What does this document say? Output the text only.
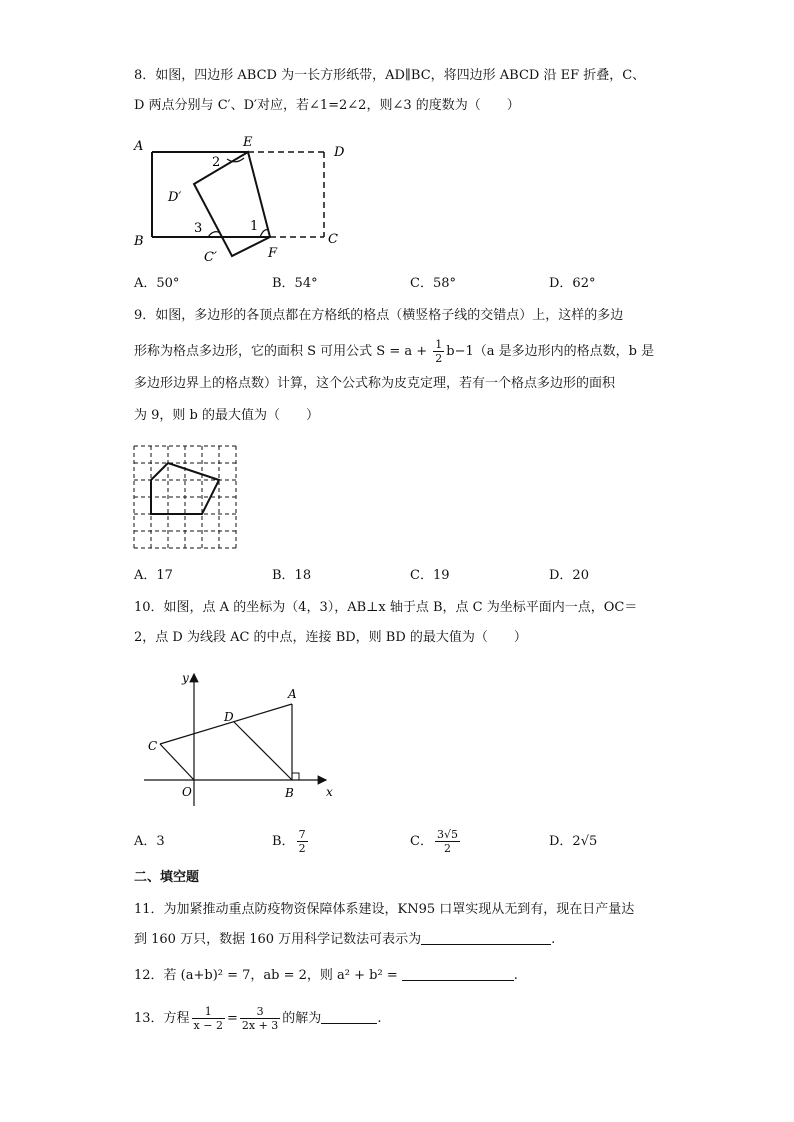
8．如图，四边形 ABCD 为一长方形纸带，AD∥BC，将四边形 ABCD 沿 EF 折叠，C、
D 两点分别与 C′、D′对应，若∠1=2∠2，则∠3 的度数为（　　）
A
B
E
D
C
F
D′
C′
2
3	1
A．50°	B．54°	C．58°	D．62°
9．如图，多边形的各顶点都在方格纸的格点（横竖格子线的交错点）上，这样的多边
形称为格点多边形，它的面积 S 可用公式 $S = a + \frac{1}{2} b-1(a$ 是多边形内的格点数，b 是
多边形边界上的格点数）计算，这个公式称为皮克定理，若有一个格点多边形的面积
为 9，则 b 的最大值为（　　）
A．17	B．18	C．19	D．20
10．如图，点 A 的坐标为（4，3），AB⊥x 轴于点 B，点 C 为坐标平面内一点，OC＝
2，点 D 为线段 AC 的中点，连接 BD，则 BD 的最大值为（　　）
y
x
O
A
B
C
D
A．3	B． $\frac{7}{2}$	C． $\frac{3√5}{2}$	D．2√5
二、填空题
11．为加紧推动重点防疫物资保障体系建设，KN95 口罩实现从无到有，现在日产量达
到 160 万只，数据 160 万用科学记数法可表示为	.
12．若 (a+b)² = 7，ab = 2，则 a² + b² =	.
13．方程 $\frac{1}{x - 2} = \frac{3}{2x + 3}$ 的解为	.
